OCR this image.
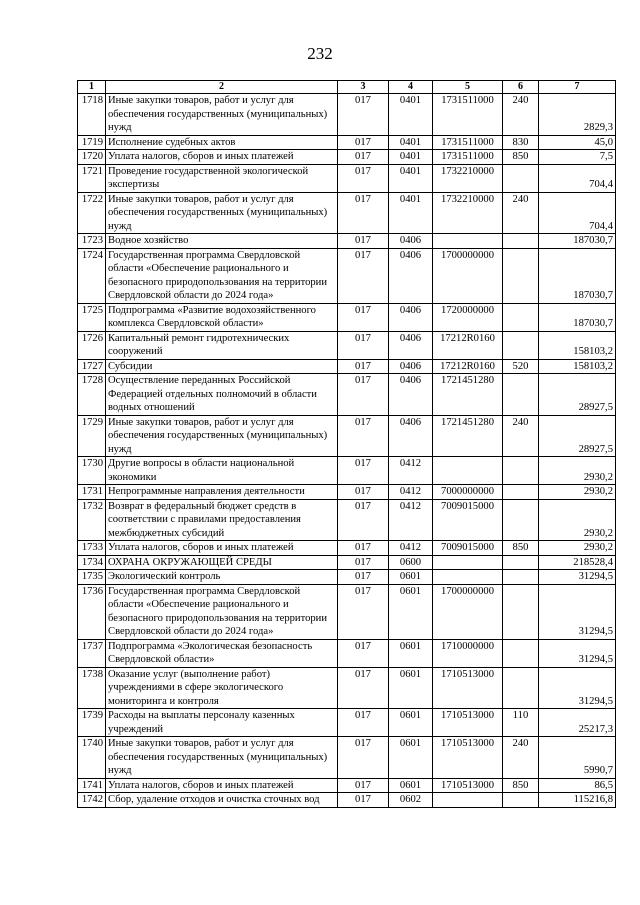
232
1	2	3	4	5	6	7
1718	Иные закупки товаров, работ и услуг для обеспечения государственных (муниципальных) нужд	017	0401	1731511000	240	2829,3
1719	Исполнение судебных актов	017	0401	1731511000	830	45,0
1720	Уплата налогов, сборов и иных платежей	017	0401	1731511000	850	7,5
1721	Проведение государственной экологической экспертизы	017	0401	1732210000		704,4
1722	Иные закупки товаров, работ и услуг для обеспечения государственных (муниципальных) нужд	017	0401	1732210000	240	704,4
1723	Водное хозяйство	017	0406			187030,7
1724	Государственная программа Свердловской области «Обеспечение рационального и безопасного природопользования на территории Свердловской области до 2024 года»	017	0406	1700000000		187030,7
1725	Подпрограмма «Развитие водохозяйственного комплекса Свердловской области»	017	0406	1720000000		187030,7
1726	Капитальный ремонт гидротехнических сооружений	017	0406	17212R0160		158103,2
1727	Субсидии	017	0406	17212R0160	520	158103,2
1728	Осуществление переданных Российской Федерацией отдельных полномочий в области водных отношений	017	0406	1721451280		28927,5
1729	Иные закупки товаров, работ и услуг для обеспечения государственных (муниципальных) нужд	017	0406	1721451280	240	28927,5
1730	Другие вопросы в области национальной экономики	017	0412			2930,2
1731	Непрограммные направления деятельности	017	0412	7000000000		2930,2
1732	Возврат в федеральный бюджет средств в соответствии с правилами предоставления межбюджетных субсидий	017	0412	7009015000		2930,2
1733	Уплата налогов, сборов и иных платежей	017	0412	7009015000	850	2930,2
1734	ОХРАНА ОКРУЖАЮЩЕЙ СРЕДЫ	017	0600			218528,4
1735	Экологический контроль	017	0601			31294,5
1736	Государственная программа Свердловской области «Обеспечение рационального и безопасного природопользования на территории Свердловской области до 2024 года»	017	0601	1700000000		31294,5
1737	Подпрограмма «Экологическая безопасность Свердловской области»	017	0601	1710000000		31294,5
1738	Оказание услуг (выполнение работ) учреждениями в сфере экологического мониторинга и контроля	017	0601	1710513000		31294,5
1739	Расходы на выплаты персоналу казенных учреждений	017	0601	1710513000	110	25217,3
1740	Иные закупки товаров, работ и услуг для обеспечения государственных (муниципальных) нужд	017	0601	1710513000	240	5990,7
1741	Уплата налогов, сборов и иных платежей	017	0601	1710513000	850	86,5
1742	Сбор, удаление отходов и очистка сточных вод	017	0602			115216,8
